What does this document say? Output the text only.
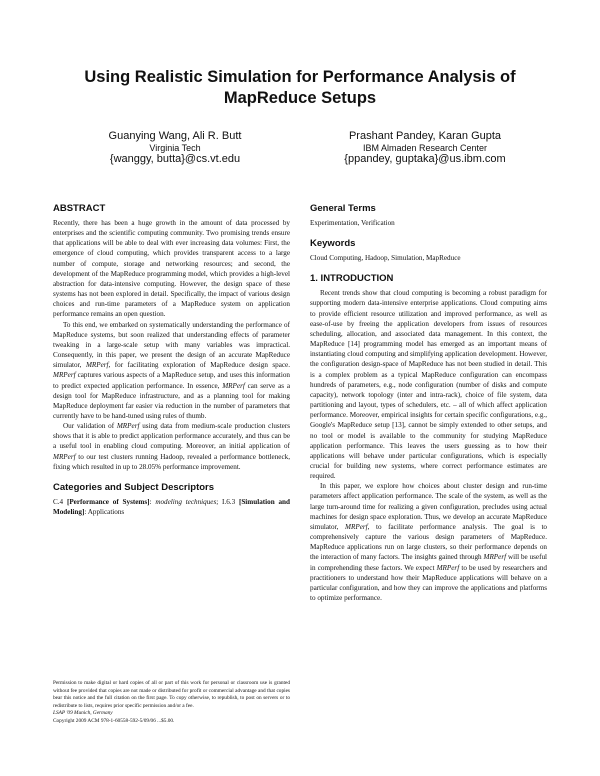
Using Realistic Simulation for Performance Analysis of MapReduce Setups
Guanying Wang, Ali R. Butt
Virginia Tech
{wanggy, butta}@cs.vt.edu
Prashant Pandey, Karan Gupta
IBM Almaden Research Center
{ppandey, guptaka}@us.ibm.com
ABSTRACT

Recently, there has been a huge growth in the amount of data processed by enterprises and the scientific computing community. Two promising trends ensure that applications will be able to deal with ever increasing data volumes: First, the emergence of cloud computing, which provides transparent access to a large number of compute, storage and networking resources; and second, the development of the MapReduce programming model, which provides a high-level abstraction for data-intensive computing. However, the design space of these systems has not been explored in detail. Specifically, the impact of various design choices and run-time parameters of a MapReduce system on application performance remains an open question.

To this end, we embarked on systematically understanding the performance of MapReduce systems, but soon realized that understanding effects of parameter tweaking in a large-scale setup with many variables was impractical. Consequently, in this paper, we present the design of an accurate MapReduce simulator, MRPerf, for facilitating exploration of MapReduce design space. MRPerf captures various aspects of a MapReduce setup, and uses this information to predict expected application performance. In essence, MRPerf can serve as a design tool for MapReduce infrastructure, and as a planning tool for making MapReduce deployment far easier via reduction in the number of parameters that currently have to be hand-tuned using rules of thumb.

Our validation of MRPerf using data from medium-scale production clusters shows that it is able to predict application performance accurately, and thus can be a useful tool in enabling cloud computing. Moreover, an initial application of MRPerf to our test clusters running Hadoop, revealed a performance bottleneck, fixing which resulted in up to 28.05% performance improvement.

Categories and Subject Descriptors

C.4 [Performance of Systems]: modeling techniques; I.6.3 [Simulation and Modeling]: Applications

Permission to make digital or hard copies of all or part of this work for personal or classroom use is granted without fee provided that copies are not made or distributed for profit or commercial advantage and that copies bear this notice and the full citation on the first page. To copy otherwise, to republish, to post on servers or to redistribute to lists, requires prior specific permission and/or a fee.

LSAP '09 Munich, Germany

Copyright 2009 ACM 978-1-60558-592-5/09/06 ...$5.00.

General Terms

Experimentation, Verification

Keywords

Cloud Computing, Hadoop, Simulation, MapReduce

1. INTRODUCTION

Recent trends show that cloud computing is becoming a robust paradigm for supporting modern data-intensive enterprise applications. Cloud computing aims to provide efficient resource utilization and improved performance, as well as ease-of-use by freeing the application developers from issues of resources scheduling, allocation, and associated data management. In this context, the MapReduce [14] programming model has emerged as an important means of instantiating cloud computing and simplifying application development. However, the configuration design-space of MapReduce has not been studied in detail. This is a complex problem as a typical MapReduce configuration can encompass hundreds of parameters, e.g., node configuration (number of disks and compute capacity), network topology (inter and intra-rack), choice of file system, data partitioning and layout, types of schedulers, etc. – all of which affect application performance. Moreover, empirical insights for certain specific configurations, e.g., Google's MapReduce setup [13], cannot be simply extended to other setups, and no tool or model is available to the community for studying MapReduce application performance. This leaves the users guessing as to how their applications will behave under particular configurations, which is especially crucial for building new systems, where correct performance estimates are required.

In this paper, we explore how choices about cluster design and run-time parameters affect application performance. The scale of the system, as well as the large turn-around time for realizing a given configuration, precludes using actual machines for design space exploration. Thus, we develop an accurate MapReduce simulator, MRPerf, to facilitate performance analysis. The goal is to comprehensively capture the various design parameters of MapReduce. MapReduce applications run on large clusters, so their performance depends on the interaction of many factors. The insights gained through MRPerf will be useful in comprehending these factors. We expect MRPerf to be used by researchers and practitioners to understand how their MapReduce applications will behave on a particular configuration, and how they can improve the applications and platforms to optimize performance.
